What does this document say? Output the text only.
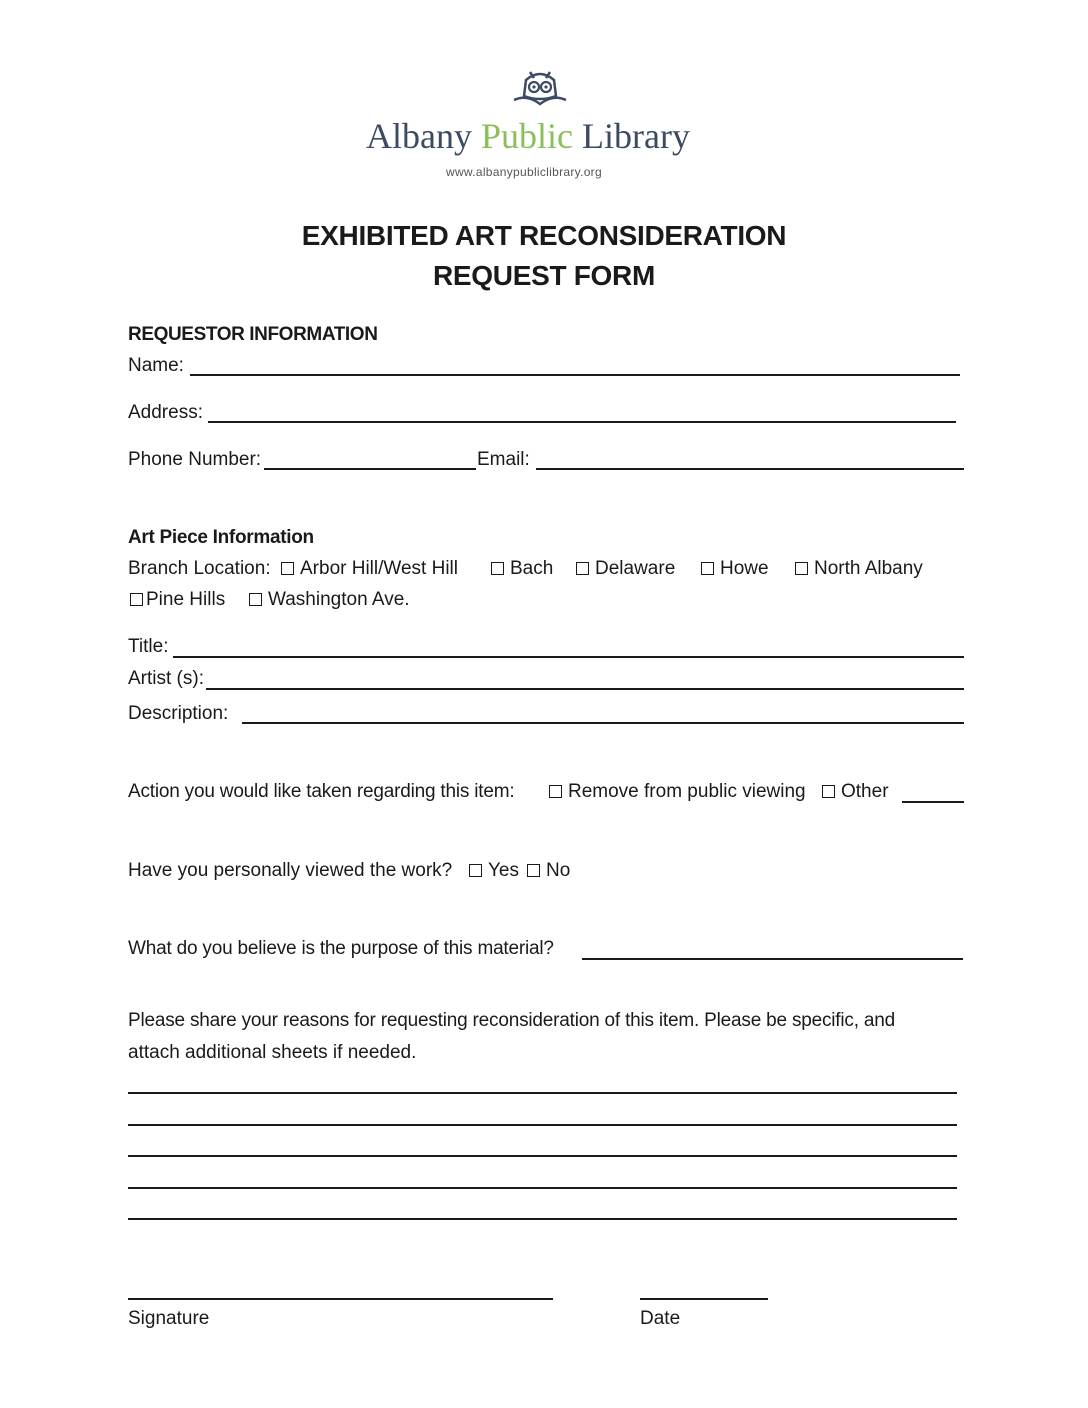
Albany Public Library
www.albanypubliclibrary.org
EXHIBITED ART RECONSIDERATION
REQUEST FORM
REQUESTOR INFORMATION
Name:
Address:
Phone Number:	Email:
Art Piece Information
Branch Location:	Arbor Hill/West Hill	Bach	Delaware	Howe	North Albany
Pine Hills	Washington Ave.
Title:
Artist (s):
Description:
Action you would like taken regarding this item:	Remove from public viewing	Other
Have you personally viewed the work?	Yes	No
What do you believe is the purpose of this material?
Please share your reasons for requesting reconsideration of this item. Please be specific, and
attach additional sheets if needed.
Signature	Date
